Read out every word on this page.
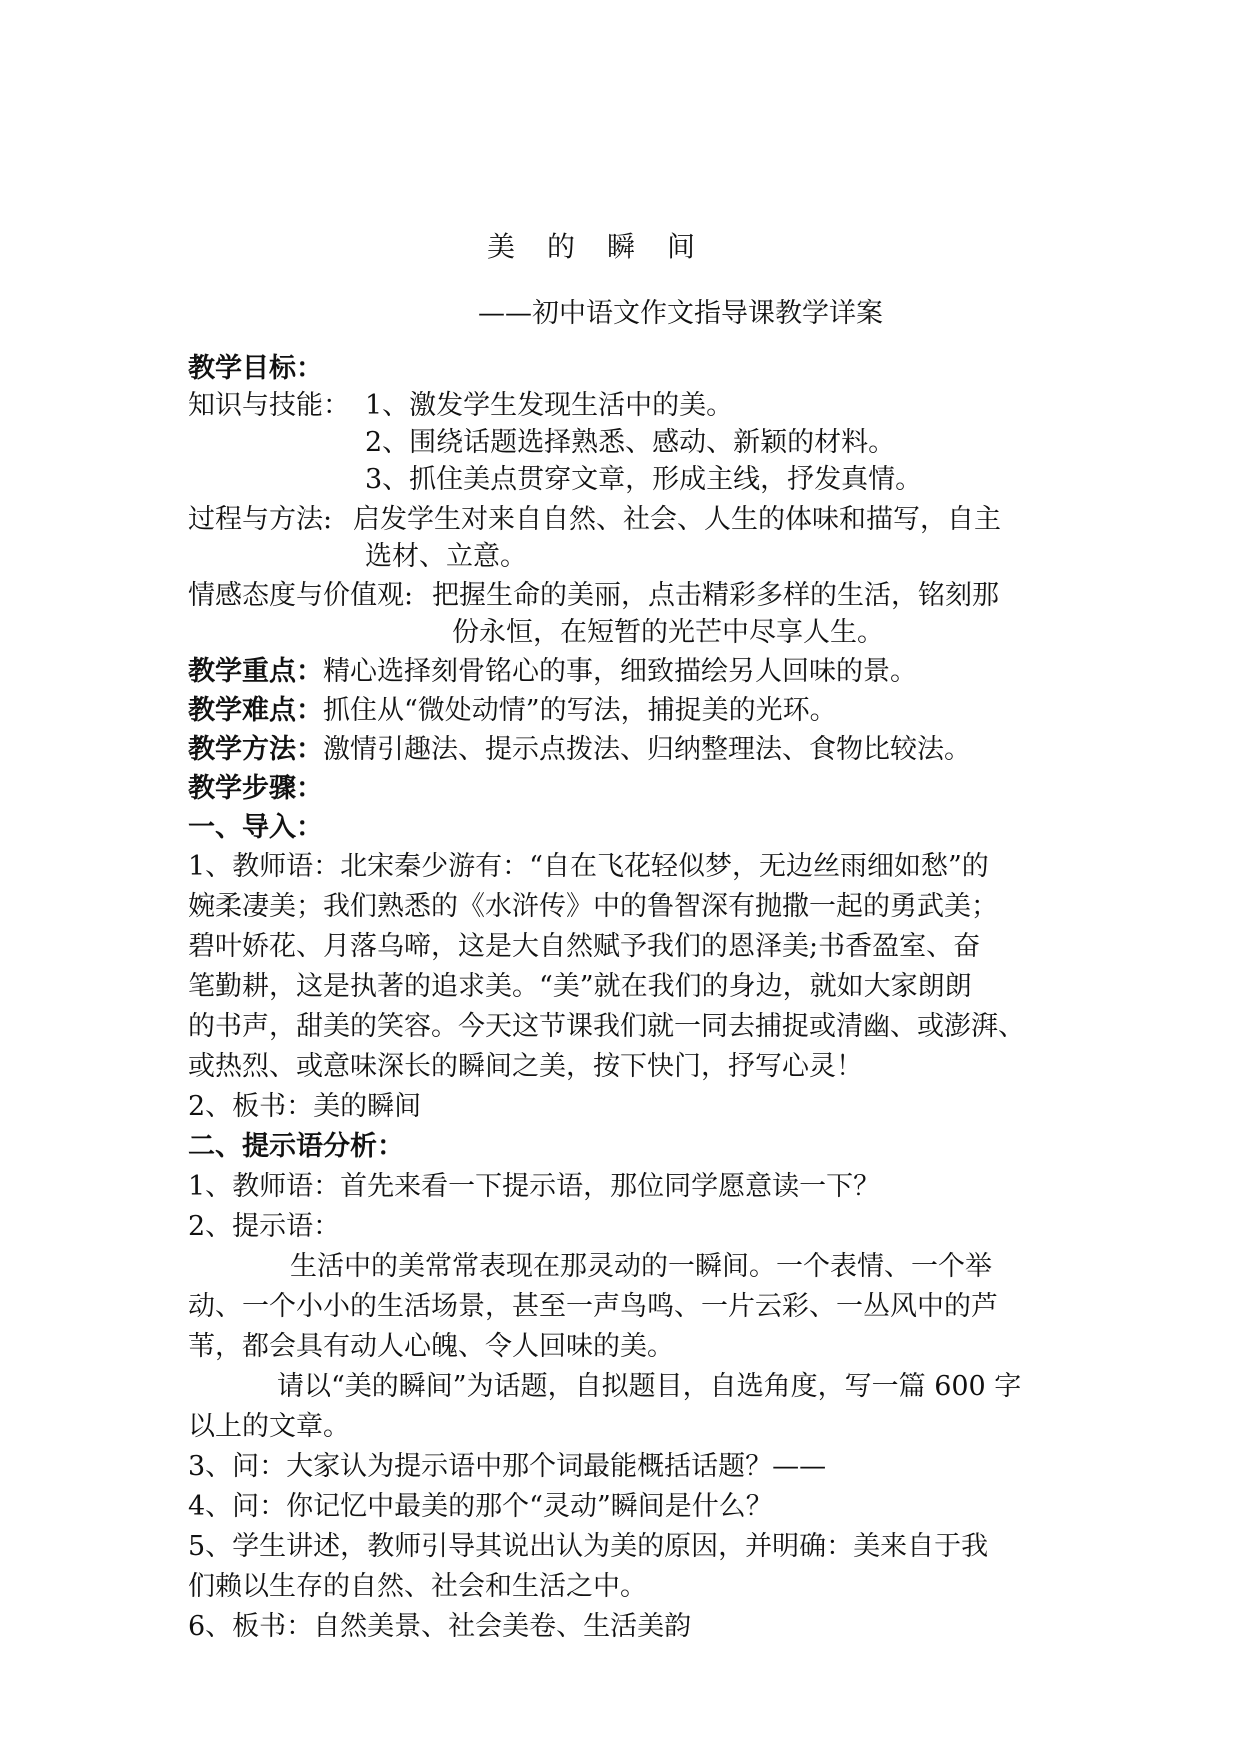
美 的 瞬 间
——初中语文作文指导课教学详案
教学目标：
知识与技能： 1、激发学生发现生活中的美。
2、围绕话题选择熟悉、感动、新颖的材料。
3、抓住美点贯穿文章，形成主线，抒发真情。
过程与方法: 启发学生对来自自然、社会、人生的体味和描写，自主
选材、立意。
情感态度与价值观: 把握生命的美丽，点击精彩多样的生活，铭刻那
份永恒，在短暂的光芒中尽享人生。
教学重点：精心选择刻骨铭心的事，细致描绘另人回味的景。
教学难点：抓住从“微处动情”的写法，捕捉美的光环。
教学方法：激情引趣法、提示点拨法、归纳整理法、食物比较法。
教学步骤：
一、导入：
1、教师语：北宋秦少游有：“自在飞花轻似梦，无边丝雨细如愁”的
婉柔凄美；我们熟悉的《水浒传》中的鲁智深有抛撒一起的勇武美；
碧叶娇花、月落乌啼，这是大自然赋予我们的恩泽美;书香盈室、奋
笔勤耕，这是执著的追求美。“美”就在我们的身边，就如大家朗朗
的书声，甜美的笑容。今天这节课我们就一同去捕捉或清幽、或澎湃、
或热烈、或意味深长的瞬间之美，按下快门，抒写心灵！
2、板书：美的瞬间
二、提示语分析：
1、教师语：首先来看一下提示语，那位同学愿意读一下？
2、提示语：
生活中的美常常表现在那灵动的一瞬间。一个表情、一个举
动、一个小小的生活场景，甚至一声鸟鸣、一片云彩、一丛风中的芦
苇，都会具有动人心魄、令人回味的美。
请以“美的瞬间”为话题，自拟题目，自选角度，写一篇 600 字
以上的文章。
3、问：大家认为提示语中那个词最能概括话题？——
4、问：你记忆中最美的那个“灵动”瞬间是什么？
5、学生讲述，教师引导其说出认为美的原因，并明确：美来自于我
们赖以生存的自然、社会和生活之中。
6、板书：自然美景、社会美卷、生活美韵
